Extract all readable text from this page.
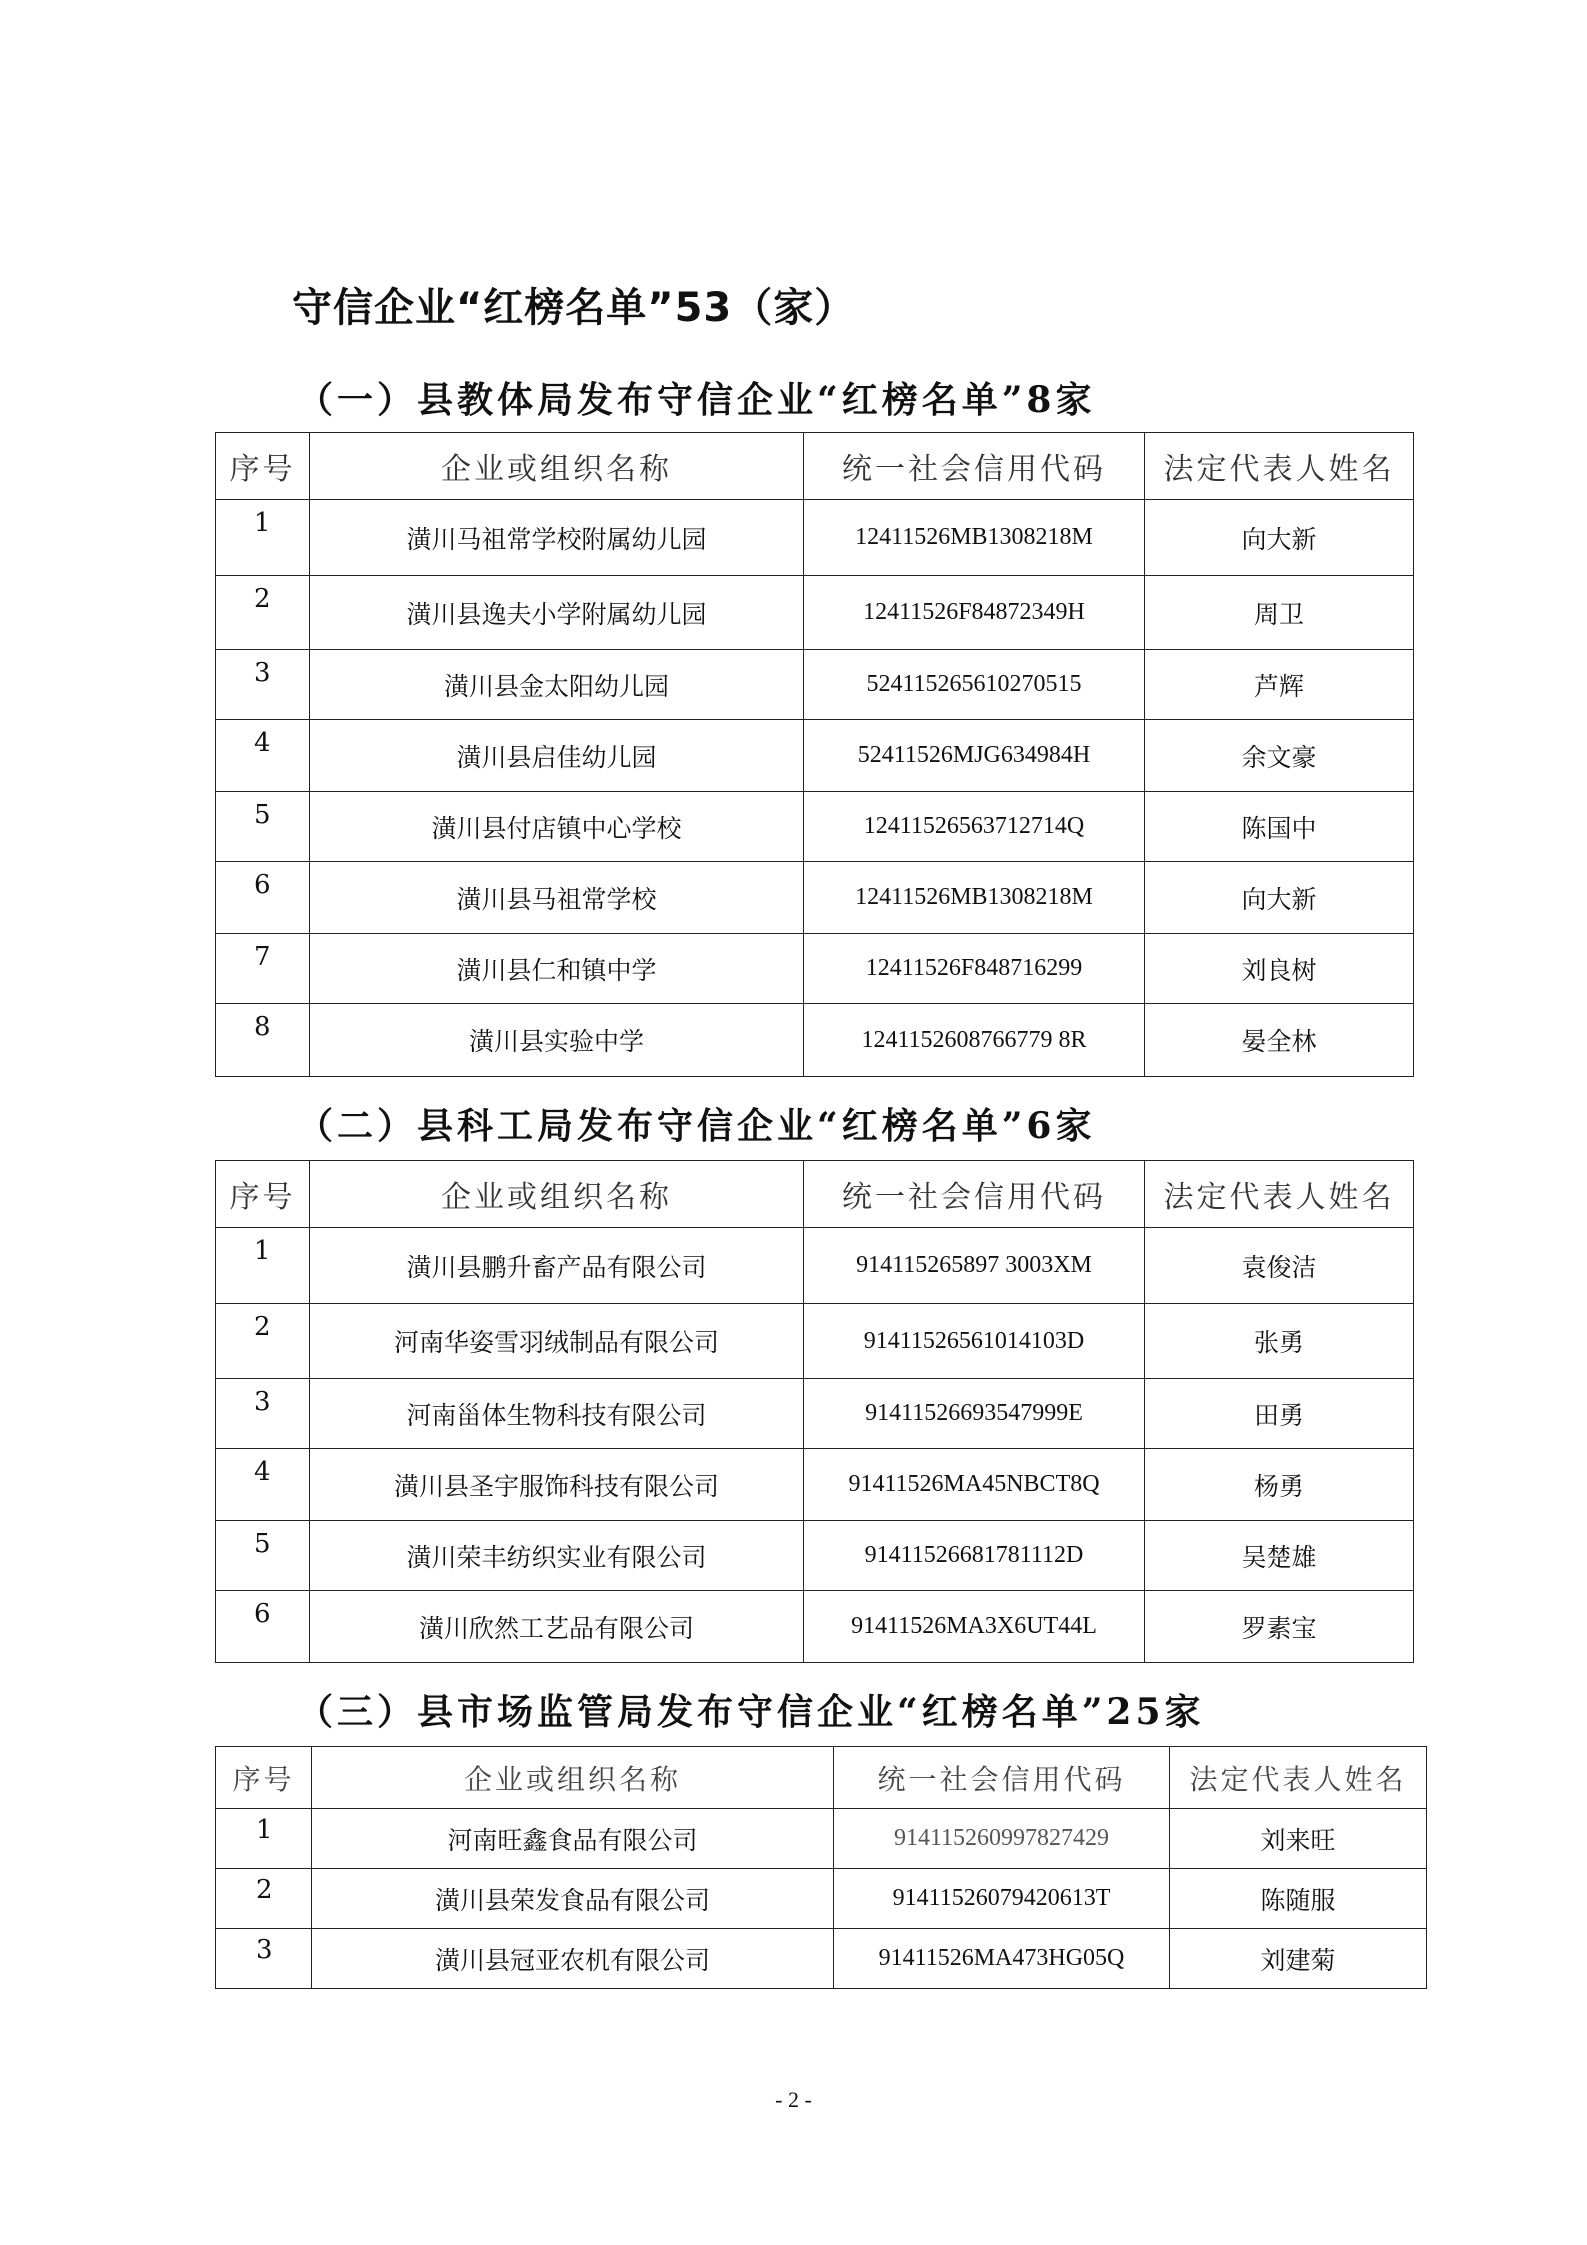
守信企业“红榜名单”53（家）
（一）县教体局发布守信企业“红榜名单”8家
序号	企业或组织名称	统一社会信用代码	法定代表人姓名
1	潢川马祖常学校附属幼儿园	12411526MB1308218M	向大新
2	潢川县逸夫小学附属幼儿园	12411526F84872349H	周卫
3	潢川县金太阳幼儿园	524115265610270515	芦辉
4	潢川县启佳幼儿园	52411526MJG634984H	余文豪
5	潢川县付店镇中心学校	12411526563712714Q	陈国中
6	潢川县马祖常学校	12411526MB1308218M	向大新
7	潢川县仁和镇中学	12411526F848716299	刘良树
8	潢川县实验中学	1241152608766779 8R	晏全林
（二）县科工局发布守信企业“红榜名单”6家
序号	企业或组织名称	统一社会信用代码	法定代表人姓名
1	潢川县鹏升畜产品有限公司	914115265897 3003XM	袁俊洁
2	河南华姿雪羽绒制品有限公司	91411526561014103D	张勇
3	河南甾体生物科技有限公司	91411526693547999E	田勇
4	潢川县圣宇服饰科技有限公司	91411526MA45NBCT8Q	杨勇
5	潢川荣丰纺织实业有限公司	91411526681781112D	吴楚雄
6	潢川欣然工艺品有限公司	91411526MA3X6UT44L	罗素宝
（三）县市场监管局发布守信企业“红榜名单”25家
序号	企业或组织名称	统一社会信用代码	法定代表人姓名
1	河南旺鑫食品有限公司	914115260997827429	刘来旺
2	潢川县荣发食品有限公司	91411526079420613T	陈随服
3	潢川县冠亚农机有限公司	91411526MA473HG05Q	刘建菊
- 2 -
